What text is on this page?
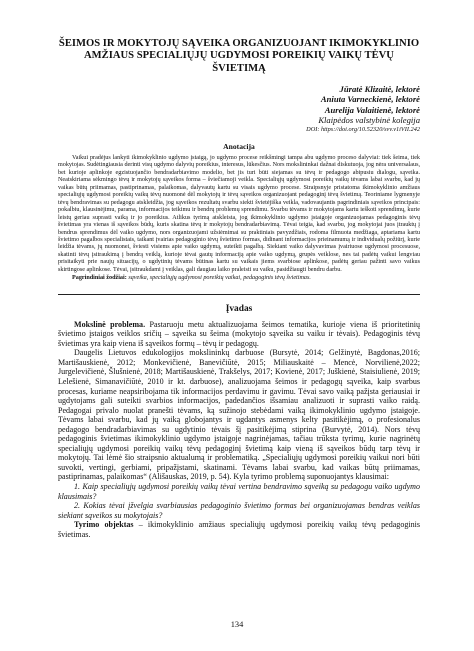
ŠEIMOS IR MOKYTOJŲ SĄVEIKA ORGANIZUOJANT IKIMOKYKLINIO
AMŽIAUS SPECIALIŲJŲ UGDYMOSI POREIKIŲ VAIKŲ TĖVŲ ŠVIETIMĄ
Jūratė Klizaitė, lektorė
Aniuta Varneckienė, lektorė
Aurelija Valaitienė, lektorė
Klaipėdos valstybinė kolegija
DOI: https://doi.org/10.52320/svv.v1iVII.242
Anotacija

Vaikui pradėjus lankyti ikimokyklinio ugdymo įstaigą, jo ugdymo procese reikšmingi tampa abu ugdymo proceso dalyviai: tiek šeima, tiek mokytojas. Sudėtingiausia derinti visų ugdymo dalyvių poreikius, interesus, lūkesčius. Nors mokslininkai dažnai diskutuoja, jog nėra universalaus, bet kurioje aplinkoje egzistuojančio bendradarbiavimo modelio, bet jis turi būti siejamas su tėvų ir pedagogo abipusiu dialogu, sąveika. Neatskiriama sėkmingo tėvų ir mokytojų sąveikos forma – šviečiamoji veikla. Specialiųjų ugdymosi poreikių vaikų tėvams labai svarbu, kad jų vaikas būtų priimamas, pastiprinamas, palaikomas, dalyvautų kartu su visais ugdymo procese. Straipsnyje pristatoma ikimokyklinio amžiaus specialiųjų ugdymosi poreikių vaikų tėvų nuomonė dėl mokytojų ir tėvų sąveikos organizuojant pedagoginį tėvų švietimą. Teoriniame lygmenyje tėvų bendravimas su pedagogu atskleidžia, jog sąveikos rezultatų svarbu siekti švietėjiška veikla, vadovaujantis pagrindiniais sąveikos principais: pokalbiu, klausinėjimu, parama, informacijos teikimu ir bendrų problemų sprendimu. Svarbu tėvams ir mokytojams kartu ieškoti sprendimų, kurie leistų geriau suprasti vaiką ir jo poreikius. Atlikus tyrimą atskleista, jog ikimokyklinio ugdymo įstaigoje organizuojamas pedagoginis tėvų švietimas yra vienas iš sąveikos būdų, kuris skatina tėvų ir mokytojų bendradarbiavimą. Tėvai teigia, kad svarbu, jog mokytojai juos įtrauktų į bendrus sprendimus dėl vaiko ugdymo, nors organizuojami užsiėmimai su praktiniais pavyzdžiais, rodoma filmuota medžiaga, aptariama kartu švietimo pagalbos specialistais, taikant įvairias pedagoginio tėvų švietimo formas, didinant informacijos prieinamumą ir individualų požiūrį, kurie leidžia tėvams, jų nuomonei, šviesti visiems apie vaiko ugdymą, suteikti pagalbą. Siekiant vaiko dalyvavimas įvairiuose ugdymosi procesuose, skatinti tėvų įsitraukimą į bendrą veiklą, kurioje tėvai gautų informaciją apie vaiko ugdymą, grupės veiklose, nes tai padėtų vaikui lengviau prisitaikyti prie naujų situacijų, o ugdytinių tėvams būtinas kartu su vaikais jiems svarbiose aplinkose, padėtų geriau pažinti savo vaikus skirtingose aplinkose. Tėvai, įsitraukdami į veiklas, gali daugiau laiko praleisti su vaiku, pasidžiaugti bendru darbu.

Pagrindiniai žodžiai: sąveika, specialiųjų ugdymosi poreikių vaikai, pedagoginis tėvų švietimas.

Įvadas

Mokslinė problema. Pastaruoju metu aktualizuojama šeimos tematika, kurioje viena iš prioritetinių švietimo įstaigos veiklos sričių – sąveika su šeima (mokytojo sąveika su vaiku ir tėvais). Pedagoginis tėvų švietimas yra kaip viena iš sąveikos formų – tėvų ir pedagogų.

Daugelis Lietuvos edukologijos mokslininkų darbuose (Bursytė, 2014; Gelžinytė, Bagdonas,2016; Martišauskienė, 2012; Monkevičienė, Banevičiūtė, 2015; Miliauskaitė – Mencė, Norvilienė,2022; Jurgelevičienė, Šlušnienė, 2018; Martišauskienė, Trakšelys, 2017; Kovienė, 2017; Juškienė, Staisiulienė, 2019; Lelešienė, Simanavičiūtė, 2010 ir kt. darbuose), analizuojama šeimos ir pedagogų sąveika, kaip svarbus procesas, kuriame neapsiribojama tik informacijos perdavimu ir gavimu. Tėvai savo vaiką pažįsta geriausiai ir ugdytojams gali suteikti svarbios informacijos, padedančios išsamiau analizuoti ir suprasti vaiko raidą. Pedagogai privalo nuolat pranešti tėvams, ką sužinojo stebėdami vaiką ikimokyklinio ugdymo įstaigoje. Tėvams labai svarbu, kad jų vaiką globojantys ir ugdantys asmenys kelty pasitikėjimą, o profesionalus pedagogo bendradarbiavimas su ugdytinio tėvais šį pasitikėjimą stiprina (Burvytė, 2014). Nors tėvų pedagoginis švietimas ikimokyklinio ugdymo įstaigoje nagrinėjamas, tačiau trūksta tyrimų, kurie nagrinėtų specialiųjų ugdymosi poreikių vaikų tėvų pedagoginį švietimą kaip vieną iš sąveikos būdų tarp tėvų ir mokytojų. Tai lėmė šio straipsnio aktualumą ir problematiką. „Specialiųjų ugdymosi poreikių vaikui nori būti suvokti, vertingi, gerbiami, pripažįstami, skatinami. Tėvams labai svarbu, kad vaikas būtų priimamas, pastiprinamas, palaikomas“ (Ališauskas, 2019, p. 54). Kyla tyrimo problemą suponuojantys klausimai:

1. Kaip specialiųjų ugdymosi poreikių vaikų tėvai vertina bendravimo sąveiką su pedagogu vaiko ugdymo klausimais?

2. Kokias tėvai įžvelgia svarbiausias pedagoginio švietimo formas bei organizuojamas bendras veiklas siekiant sąveikos su mokytojais?

Tyrimo objektas – ikimokyklinio amžiaus specialiųjų ugdymosi poreikių vaikų tėvų pedagoginis švietimas.

134
